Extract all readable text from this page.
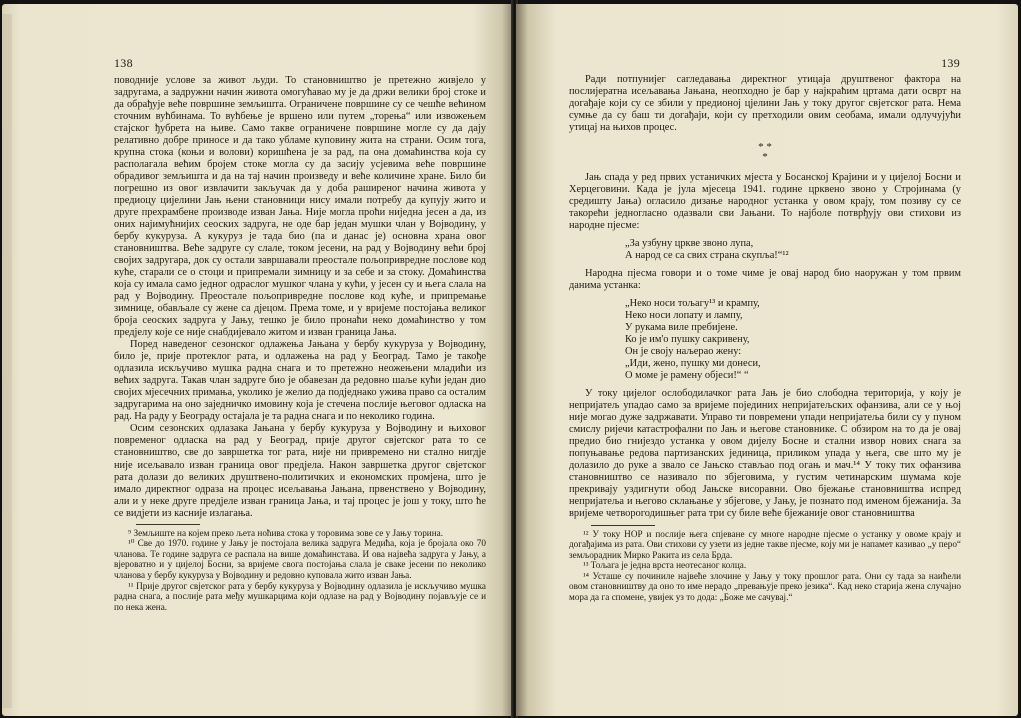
138

поводније услове за живот људи. То становништво је претежно живјело у задругама, а задружни начин живота омогућавао му је да држи велики број стоке и да обрађује веће површине земљишта. Ограничене површине су се чешће већином сточним вућбинама. То вућбење је вршено или путем „торења“ или извожењем стајског ђубрета на њиве. Само такве ограничене површине могле су да дају релативно добре приносе и да тако убламе куповину жита на страни. Осим тога, крупна стока (коњи и волови) коришћена је за рад, па она домаћинства која су располагала већим бројем стоке могла су да засију усјевима веће површине обрадивог земљишта и да на тај начин произведу и веће количине хране. Било би погрешно из овог извлачити закључак да у доба раширеног начина живота у предиоцу цијелини Јањ њени становници нису имали потребу да купују жито и друге прехрамбене производе изван Јања. Није могла проћи ниједна јесен а да, из оних најимућнијих сеоских задруга, не оде бар један мушки члан у Војводину, у бербу кукуруза. А кукуруз је тада био (па и данас је) основна храна овог становништва. Веће задруге су слале, током јесени, на рад у Војводину већи број својих задругара, док су остали завршавали преостале пољопривредне послове код куће, старали се о стоци и припремали зимницу и за себе и за стоку. Домаћинства која су имала само једног одраслог мушког члана у кући, у јесен су и њега слала на рад у Војводину. Преостале пољопривредне послове код куће, и припремање зимнице, обављале су жене са дјецом. Према томе, и у вријеме постојања великог броја сеоских задруга у Јању, тешко је било пронаћи неко домаћинство у том предјелу које се није снабдијевало житом и изван граница Јања.

Поред наведеног сезонског одлажења Јањана у бербу кукуруза у Војводину, било је, прије протеклог рата, и одлажења на рад у Београд. Тамо је такође одлазила искључиво мушка радна снага и то претежно неожењени младићи из већих задруга. Такав члан задруге био је обавезан да редовно шаље кући један дио својих мјесечних примања, уколико је желио да подједнако ужива право са осталим задругарима на оно заједничко имовину која је стечена послије његовог одласка на рад. На раду у Београду остајала је та радна снага и по неколико година.

Осим сезонских одлазака Јањана у бербу кукуруза у Војводину и њиховог повременог одласка на рад у Београд, прије другог свјетског рата то се становништво, све до завршетка тог рата, није ни привремено ни стално нигдје није исељавало изван граница овог предјела. Након завршетка другог свјетског рата долази до великих друштвено-политичких и економских промјена, што је имало директног одраза на процес исељавања Јањана, првенствено у Војводину, али и у неке друге предјеле изван граница Јања, и тај процес је још у току, што ће се видјети из касније излагања.

⁹ Земљиште на којем преко љета ноћива стока у торовима зове се у Јању торина.

¹⁰ Све до 1970. године у Јању је постојала велика задруга Медића, која је бројала око 70 чланова. Те године задруга се распала на више домаћинстава. И ова највећа задруга у Јању, а вјероватно и у цијелој Босни, за вријеме свога постојања слала је сваке јесени по неколико чланова у бербу кукуруза у Војводину и редовно куповала жито изван Јања.

¹¹ Прије другог свјетског рата у бербу кукуруза у Војводину одлазила је искључиво мушка радна снага, а послије рата међу мушкарцима који одлазе на рад у Војводину појављује се и по нека жена.

139

Ради потпунијег сагледавања директног утицаја друштвеног фактора на послијератна исељавања Јањана, неопходно је бар у најкраћим цртама дати осврт на догађаје који су се збили у предионој цјелини Јањ у току другог свјетског рата. Нема сумње да су баш ти догађаји, који су претходили овим сеобама, имали одлучујући утицај на њихов процес.

* *
*

Јањ спада у ред првих устаничких мјеста у Босанској Крајини и у цијелој Босни и Херцеговини. Када је јула мјесеца 1941. године црквено звоно у Стројинама (у средишту Јања) огласило дизање народног устанка у овом крају, том позиву су се такорећи једногласно одазвали сви Јањани. То најболе потврђују ови стихови из народне пјесме:

„За узбуну цркве звоно лупа,
А народ се са свих страна скупља!“¹²

Народна пјесма говори и о томе чиме је овај народ био наоружан у том првим данима устанка:

„Неко носи тољагу¹³ и крампу,
Неко носи лопату и лампу,
У рукама виле пребијене.
Ко је им'о пушку сакривену,
Он је своју наљерао жену:
„Иди, жено, пушку ми донеси,
О моме је рамену објеси!“ “

У току цијелог ослободилачког рата Јањ је био слободна територија, у коју је непријатељ упадао само за вријеме појединих непријатељских офанзива, али се у њој није могао дуже задржавати. Управо ти повремени упади непријатеља били су у пуном смислу ријечи катастрофални по Јањ и његове становнике. С обзиром на то да је овај предио био гнијездо устанка у овом дијелу Босне и стални извор нових снага за попуњавање редова партизанских јединица, приликом упада у њега, све што му је долазило до руке а звало се Јањско стављао под огањ и мач.¹⁴ У току тих офанзива становништво се називало по збјеговима, у густим четинарским шумама које прекривају уздигнути обод Јањске висоравни. Ово бјежање становништва испред непријатеља и његово склањање у збјегове, у Јању, је познато под именом бјежанија. За вријеме четворогодишњег рата три су биле веће бјежаније овог становништва

¹² У току НОР и послије њега спјеване су многе народне пјесме о устанку у овоме крају и догађајима из рата. Ови стихови су узети из једне такве пјесме, коју ми је напамет казивао „у перо“ земљорадник Мирко Ракита из села Брда.

¹³ Тољага је једна врста неотесаног колца.

¹⁴ Усташе су починиле највеће злочине у Јању у току прошлог рата. Они су тада за наићели овом становништву да оно то име нерадо „превањује преко језика“. Кад неко старија жена случајно мора да га спомене, увијек уз то дода: „Боже ме сачувај.“
